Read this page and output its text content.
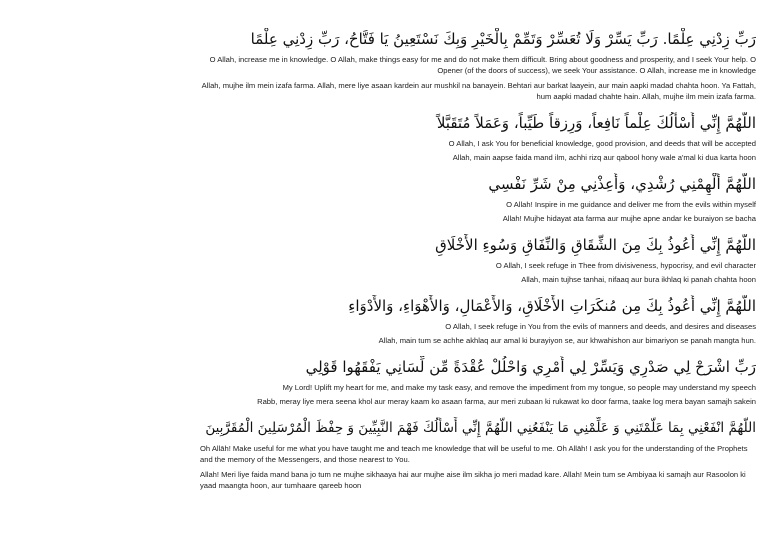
رَبِّ زِدْنِي عِلْمًا. رَبِّ يَسِّرْ وَلَا تُعَسِّرْ وَتَمِّمْ بِالْخَيْرِ وَبِكَ نَسْتَعِينُ يَا فَتَّاحُ، رَبِّ زِدْنِي عِلْمًا
O Allah, increase me in knowledge. O Allah, make things easy for me and do not make them difficult. Bring about goodness and prosperity, and I seek Your help. O Opener (of the doors of success), we seek Your assistance. O Allah, increase me in knowledge
Allah, mujhe ilm mein izafa farma. Allah, mere liye asaan kardein aur mushkil na banayein. Behtari aur barkat laayein, aur main aapki madad chahta hoon. Ya Fattah, hum aapki madad chahte hain. Allah, mujhe ilm mein izafa farma.
اللَّهُمَّ إِنِّي أَسْأَلُكَ عِلْماً نَافِعاً، وَرِزقاً طَيِّباً، وَعَمَلاً مُتَقَبَّلاً
O Allah, I ask You for beneficial knowledge, good provision, and deeds that will be accepted
Allah, main aapse faida mand ilm, achhi rizq aur qabool hony wale a'mal ki dua karta hoon
اللَّهُمَّ أَلْهِمْنِي رُشْدِي، وَأَعِذْنِي مِنْ شَرِّ نَفْسِي
O Allah! Inspire in me guidance and deliver me from the evils within myself
Allah! Mujhe hidayat ata farma aur mujhe apne andar ke buraiyon se bacha
اللَّهُمَّ إِنِّي أَعُوذُ بِكَ مِنَ الشِّقَاقِ وَالنِّفَاقِ وَسُوءِ الأَخْلَاقِ
O Allah, I seek refuge in Thee from divisiveness, hypocrisy, and evil character
Allah, main tujhse tanhai, nifaaq aur bura ikhlaq ki panah chahta hoon
اللَّهُمَّ إِنِّي أَعُوذُ بِكَ مِن مُنكَرَاتِ الأَخْلَاقِ، وَالأَعْمَالِ، وَالأَهْوَاءِ، وَالأَدْوَاءِ
O Allah, I seek refuge in You from the evils of manners and deeds, and desires and diseases
Allah, main tum se achhe akhlaq aur amal ki burayiyon se, aur khwahishon aur bimariyon se panah mangta hun.
رَبِّ اشْرَحْ لِي صَدْرِي وَيَسِّرْ لِي أَمْرِي وَاحْلُلْ عُقْدَةً مِّن لِّسَانِي يَفْقَهُوا قَوْلِي
My Lord! Uplift my heart for me, and make my task easy, and remove the impediment from my tongue, so people may understand my speech
Rabb, meray liye mera seena khol aur meray kaam ko asaan farma, aur meri zubaan ki rukawat ko door farma, taake log mera bayan samajh sakein
اللَّهُمَّ انْفَعْنِي بِمَا عَلَّمْتَنِي وَ عَلِّمْنِي مَا يَنْفَعُنِي اللَّهُمَّ إِنِّي أَسْأَلُكَ فَهْمَ النَّبِيِّينَ وَ حِفْظَ الْمُرْسَلِينَ الْمُقَرَّبِينَ
Oh Allāh! Make useful for me what you have taught me and teach me knowledge that will be useful to me. Oh Allāh! I ask you for the understanding of the Prophets and the memory of the Messengers, and those nearest to You.
Allah! Meri liye faida mand bana jo tum ne mujhe sikhaaya hai aur mujhe aise ilm sikha jo meri madad kare. Allah! Mein tum se Ambiyaa ki samajh aur Rasoolon ki yaad maangta hoon, aur tumhaare qareeb hoon
